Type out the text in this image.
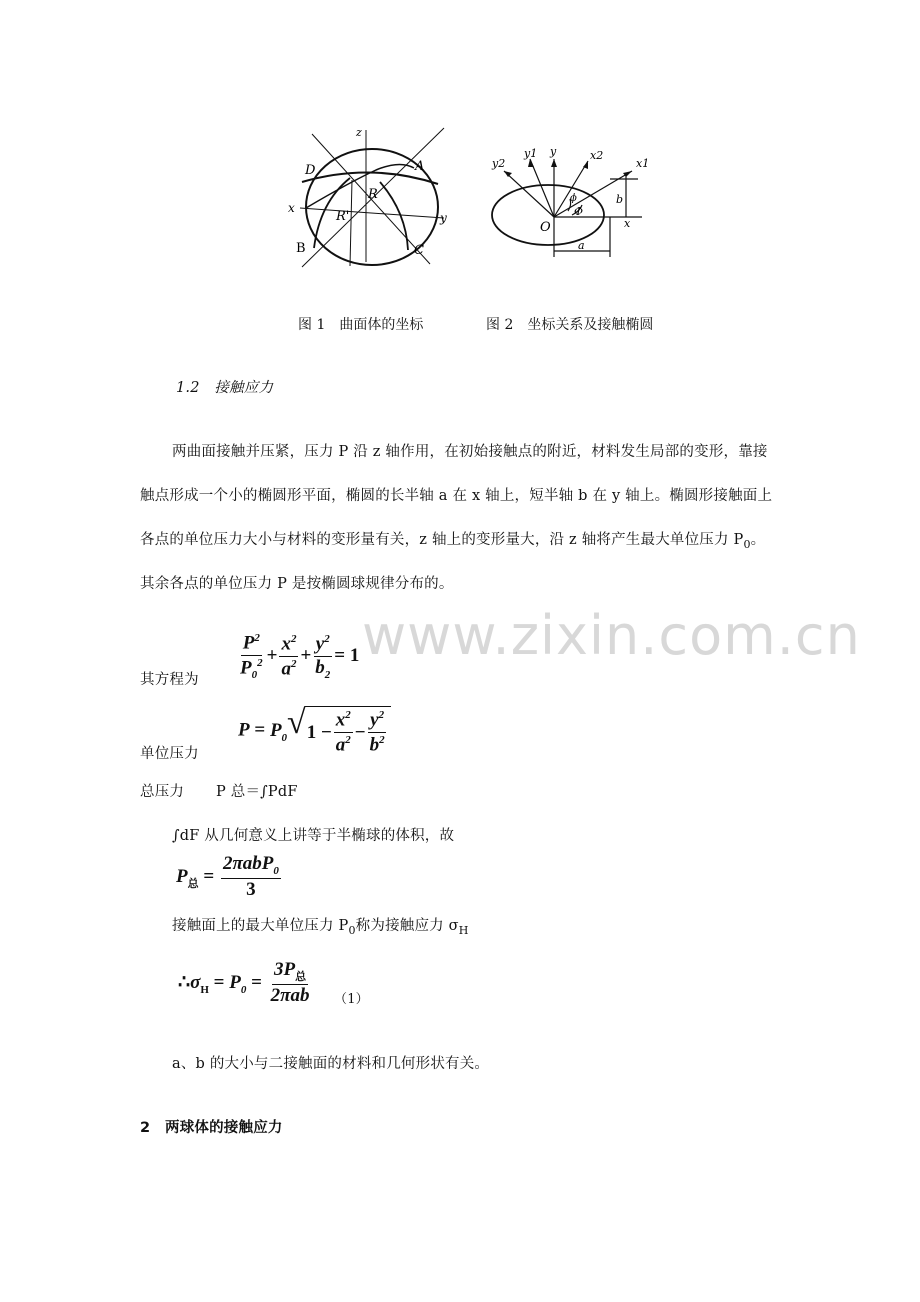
z
D	A
R
R'
x
B	C
y
y2
y1 y	x2
x1
ϕ
Φ
O
b
x
a
图 1　曲面体的坐标	图 2　坐标关系及接触椭圆
1.2　接触应力
两曲面接触并压紧，压力 P 沿 z 轴作用，在初始接触点的附近，材料发生局部的变形，靠接
触点形成一个小的椭圆形平面，椭圆的长半轴 a 在 x 轴上，短半轴 b 在 y 轴上。椭圆形接触面上
各点的单位压力大小与材料的变形量有关，z 轴上的变形量大，沿 z 轴将产生最大单位压力 $P_0$。
其余各点的单位压力 P 是按椭圆球规律分布的。
www.zixin.com.cn
其方程为 $\frac{P^2}{P_0^2} + \frac{x^2}{a^2} + \frac{y^2}{b_2} = 1$
单位压力
$P = P_0$ √ $1 - \frac{x^2}{a^2} - \frac{y^2}{b^2}$
总压力 P 总＝∫PdF
∫dF 从几何意义上讲等于半椭球的体积，故
$P_总 = \frac{2\pi abP_0}{3}$
接触面上的最大单位压力 $P_0$称为接触应力 $\sigma_H$
$\therefore\sigma_H = P_0 = \frac{3P_总}{\text{2πab}} (1)$
a、b 的大小与二接触面的材料和几何形状有关。
2　两球体的接触应力
